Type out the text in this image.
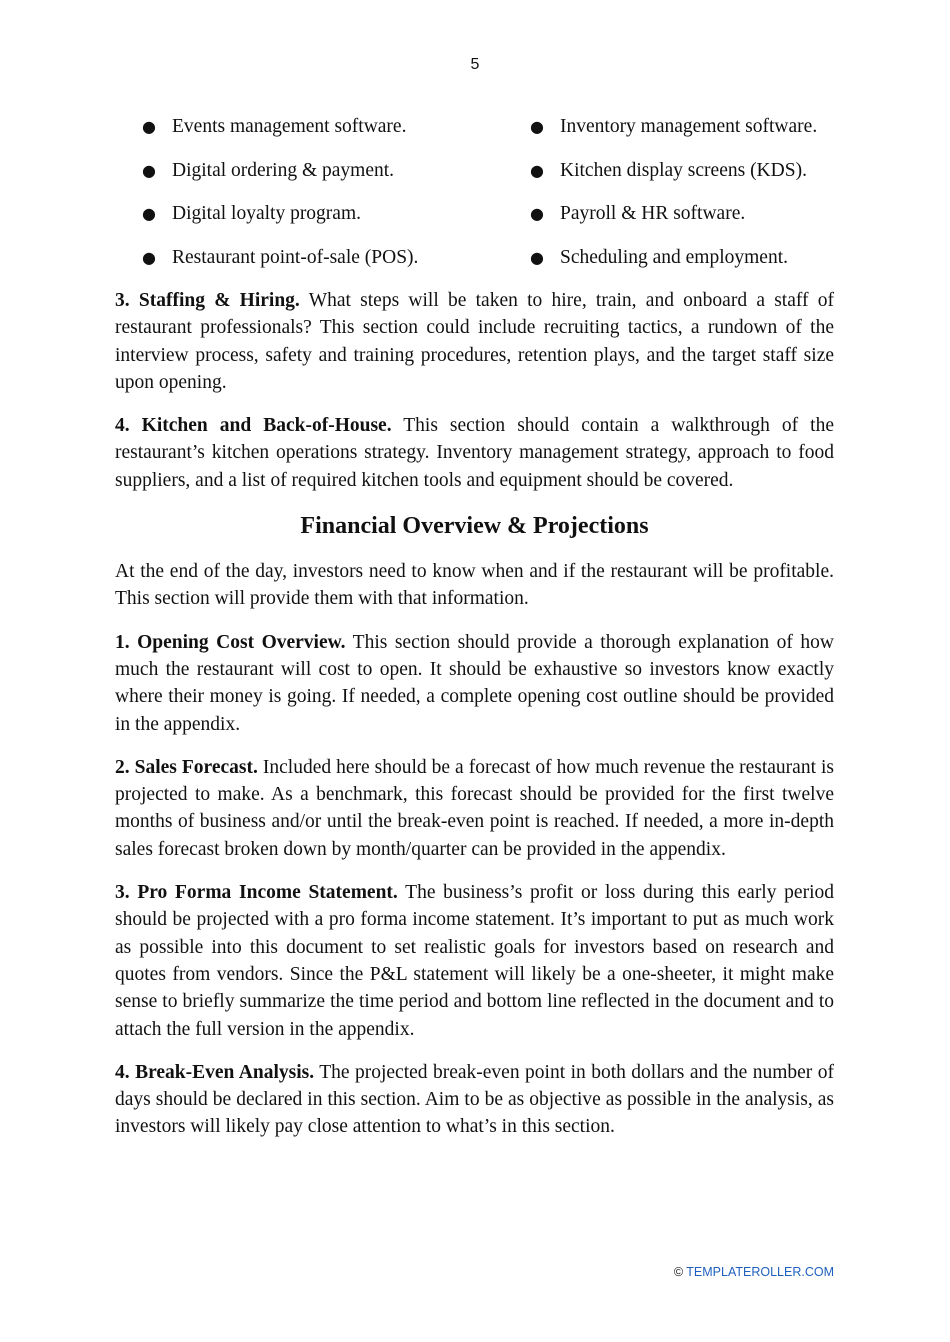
5
● Events management software.	● Inventory management software.
● Digital ordering & payment.	● Kitchen display screens (KDS).
● Digital loyalty program.	● Payroll & HR software.
● Restaurant point-of-sale (POS).	● Scheduling and employment.

3. Staffing & Hiring. What steps will be taken to hire, train, and onboard a staff of restaurant professionals? This section could include recruiting tactics, a rundown of the interview process, safety and training procedures, retention plays, and the target staff size upon opening.

4. Kitchen and Back-of-House. This section should contain a walkthrough of the restaurant’s kitchen operations strategy. Inventory management strategy, approach to food suppliers, and a list of required kitchen tools and equipment should be covered.

Financial Overview & Projections

At the end of the day, investors need to know when and if the restaurant will be profitable. This section will provide them with that information.

1. Opening Cost Overview. This section should provide a thorough explanation of how much the restaurant will cost to open. It should be exhaustive so investors know exactly where their money is going. If needed, a complete opening cost outline should be provided in the appendix.

2. Sales Forecast. Included here should be a forecast of how much revenue the restaurant is projected to make. As a benchmark, this forecast should be provided for the first twelve months of business and/or until the break-even point is reached. If needed, a more in-depth sales forecast broken down by month/quarter can be provided in the appendix.

3. Pro Forma Income Statement. The business’s profit or loss during this early period should be projected with a pro forma income statement. It’s important to put as much work as possible into this document to set realistic goals for investors based on research and quotes from vendors. Since the P&L statement will likely be a one-sheeter, it might make sense to briefly summarize the time period and bottom line reflected in the document and to attach the full version in the appendix.

4. Break-Even Analysis. The projected break-even point in both dollars and the number of days should be declared in this section. Aim to be as objective as possible in the analysis, as investors will likely pay close attention to what’s in this section.

© TEMPLATEROLLER.COM
